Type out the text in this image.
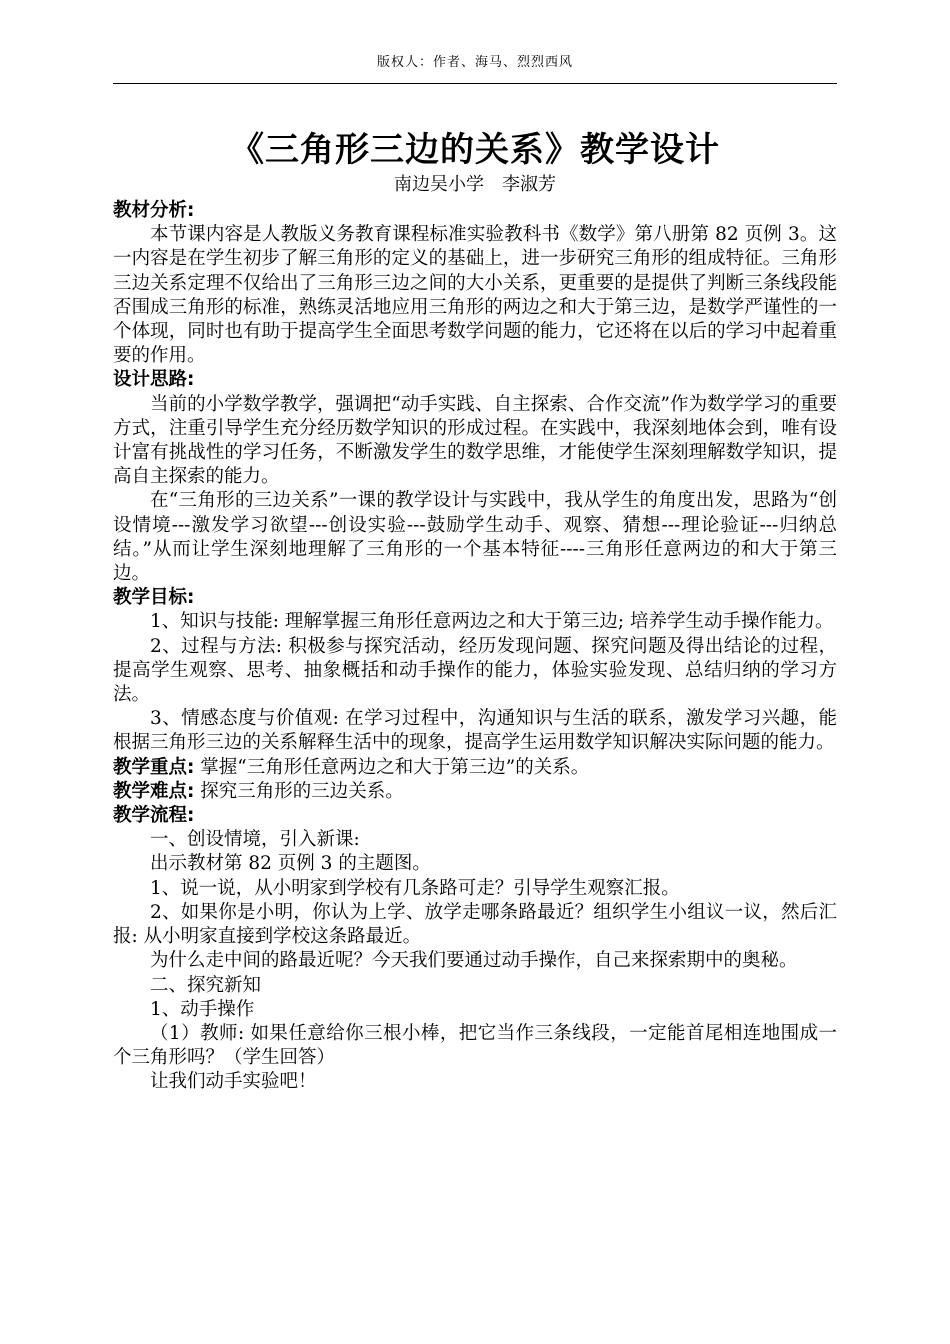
版权人：作者、海马、烈烈西风
《三角形三边的关系》教学设计
南边吴小学　李淑芳

教材分析:

本节课内容是人教版义务教育课程标准实验教科书《数学》第八册第 82 页例 3。这一内容是在学生初步了解三角形的定义的基础上，进一步研究三角形的组成特征。三角形三边关系定理不仅给出了三角形三边之间的大小关系，更重要的是提供了判断三条线段能否围成三角形的标准，熟练灵活地应用三角形的两边之和大于第三边，是数学严谨性的一个体现，同时也有助于提高学生全面思考数学问题的能力，它还将在以后的学习中起着重要的作用。

设计思路:

当前的小学数学教学，强调把“动手实践、自主探索、合作交流”作为数学学习的重要方式，注重引导学生充分经历数学知识的形成过程。在实践中，我深刻地体会到，唯有设计富有挑战性的学习任务，不断激发学生的数学思维，才能使学生深刻理解数学知识，提高自主探索的能力。

在“三角形的三边关系”一课的教学设计与实践中，我从学生的角度出发，思路为“创设情境---激发学习欲望---创设实验---鼓励学生动手、观察、猜想---理论验证---归纳总结。”从而让学生深刻地理解了三角形的一个基本特征----三角形任意两边的和大于第三边。

教学目标:

1、知识与技能: 理解掌握三角形任意两边之和大于第三边; 培养学生动手操作能力。

2、过程与方法: 积极参与探究活动，经历发现问题、探究问题及得出结论的过程，提高学生观察、思考、抽象概括和动手操作的能力，体验实验发现、总结归纳的学习方法。

3、情感态度与价值观: 在学习过程中，沟通知识与生活的联系，激发学习兴趣，能根据三角形三边的关系解释生活中的现象，提高学生运用数学知识解决实际问题的能力。

教学重点: 掌握“三角形任意两边之和大于第三边”的关系。

教学难点: 探究三角形的三边关系。

教学流程:

一、创设情境，引入新课:

出示教材第 82 页例 3 的主题图。

1、说一说，从小明家到学校有几条路可走？引导学生观察汇报。

2、如果你是小明，你认为上学、放学走哪条路最近？组织学生小组议一议，然后汇报: 从小明家直接到学校这条路最近。

为什么走中间的路最近呢？今天我们要通过动手操作，自己来探索期中的奥秘。

二、探究新知

1、动手操作

（1）教师: 如果任意给你三根小棒，把它当作三条线段，一定能首尾相连地围成一个三角形吗？（学生回答）

让我们动手实验吧！
